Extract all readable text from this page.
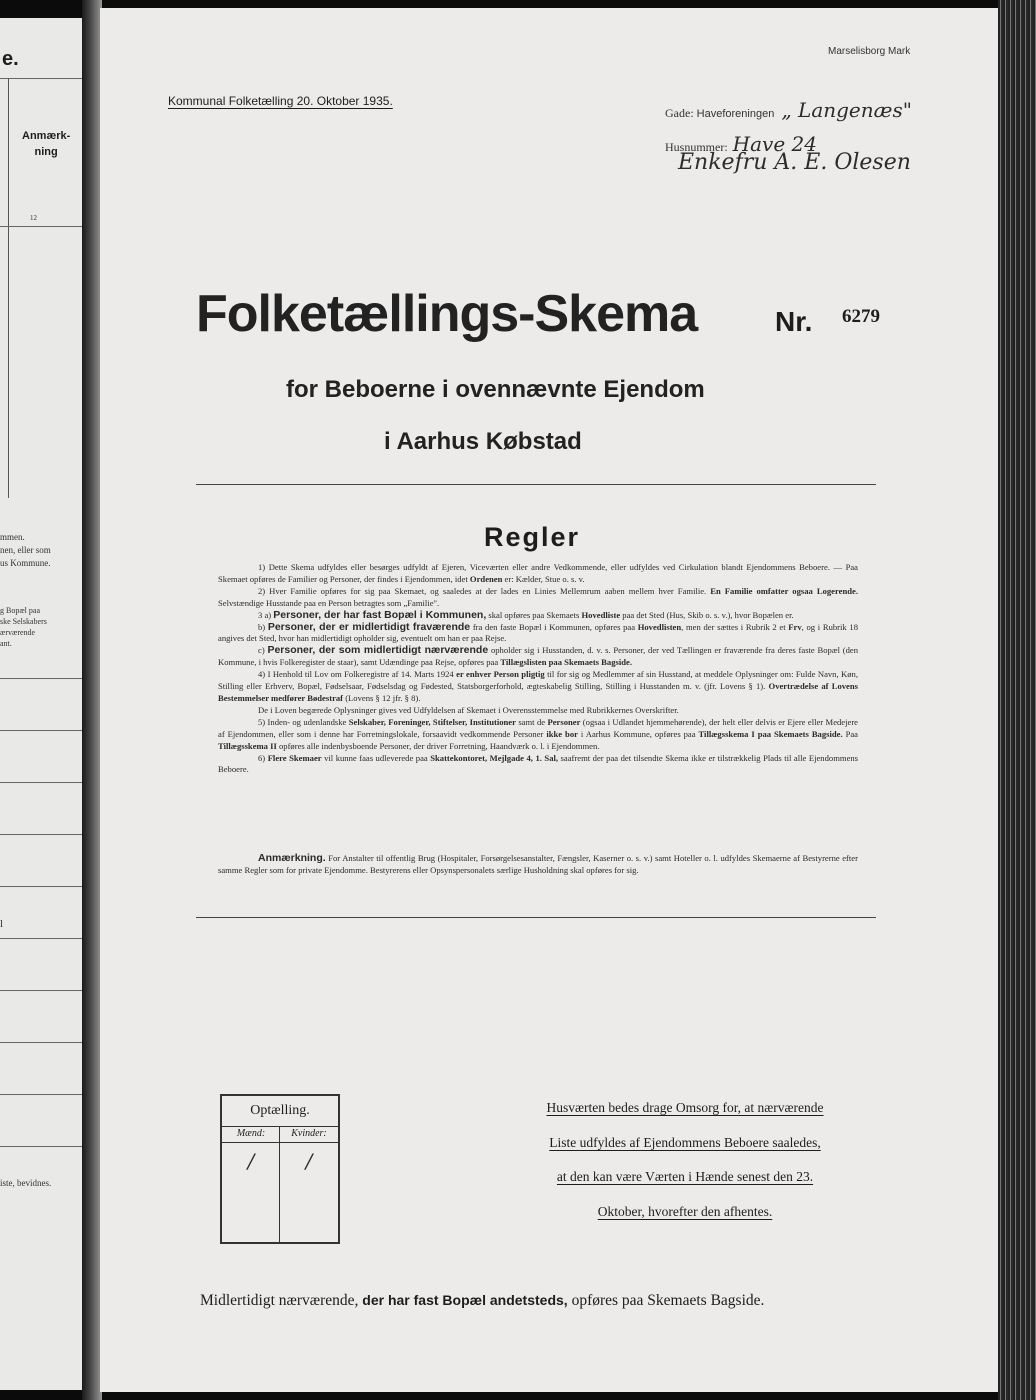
e.
Anmærk-
ning
12
mmen.
nen, eller som
us Kommune.
g Bopæl paa
ske Selskabers
ærværende
ant.
l
iste, bevidnes.
Marselisborg Mark
Kommunal Folketælling 20. Oktober 1935.
Gade: Haveforeningen „ Langenæs"
Husnummer: Have 24
Enkefru A. E. Olesen
Folketællings-Skema	Nr. 6279
for Beboerne i ovennævnte Ejendom
i Aarhus Købstad
Regler

1) Dette Skema udfyldes eller besørges udfyldt af Ejeren, Viceværten eller andre Vedkommende, eller udfyldes ved Cirkulation blandt Ejendommens Beboere. — Paa Skemaet opføres de Familier og Personer, der findes i Ejendommen, idet Ordenen er: Kælder, Stue o. s. v.

2) Hver Familie opføres for sig paa Skemaet, og saaledes at der lades en Linies Mellemrum aaben mellem hver Familie. En Familie omfatter ogsaa Logerende. Selvstændige Husstande paa en Person betragtes som „Familie".

3 a) Personer, der har fast Bopæl i Kommunen, skal opføres paa Skemaets Hovedliste paa det Sted (Hus, Skib o. s. v.), hvor Bopælen er.

b) Personer, der er midlertidigt fraværende fra den faste Bopæl i Kommunen, opføres paa Hovedlisten, men der sættes i Rubrik 2 et Frv, og i Rubrik 18 angives det Sted, hvor han midlertidigt opholder sig, eventuelt om han er paa Rejse.

c) Personer, der som midlertidigt nærværende opholder sig i Husstanden, d. v. s. Personer, der ved Tællingen er fraværende fra deres faste Bopæl (den Kommune, i hvis Folkeregister de staar), samt Udændinge paa Rejse, opføres paa Tillægslisten paa Skemaets Bagside.

4) I Henhold til Lov om Folkeregistre af 14. Marts 1924 er enhver Person pligtig til for sig og Medlemmer af sin Husstand, at meddele Oplysninger om: Fulde Navn, Køn, Stilling eller Erhverv, Bopæl, Fødselsaar, Fødselsdag og Fødested, Statsborgerforhold, ægteskabelig Stilling, Stilling i Husstanden m. v. (jfr. Lovens § 1). Overtrædelse af Lovens Bestemmelser medfører Bødestraf (Lovens § 12 jfr. § 8).

De i Loven begærede Oplysninger gives ved Udfyldelsen af Skemaet i Overensstemmelse med Rubrikkernes Overskrifter.

5) Inden- og udenlandske Selskaber, Foreninger, Stiftelser, Institutioner samt de Personer (ogsaa i Udlandet hjemmehørende), der helt eller delvis er Ejere eller Medejere af Ejendommen, eller som i denne har Forretningslokale, forsaavidt vedkommende Personer ikke bor i Aarhus Kommune, opføres paa Tillægsskema I paa Skemaets Bagside. Paa Tillægsskema II opføres alle indenbysboende Personer, der driver Forretning, Haandværk o. l. i Ejendommen.

6) Flere Skemaer vil kunne faas udleverede paa Skattekontoret, Mejlgade 4, 1. Sal, saafremt der paa det tilsendte Skema ikke er tilstrækkelig Plads til alle Ejendommens Beboere.

Anmærkning. For Anstalter til offentlig Brug (Hospitaler, Forsørgelsesanstalter, Fængsler, Kaserner o. s. v.) samt Hoteller o. l. udfyldes Skemaerne af Bestyrerne efter samme Regler som for private Ejendomme. Bestyrerens eller Opsynspersonalets særlige Husholdning skal opføres for sig.

Optælling.
Mænd:
/
Kvinder:
/
Husværten bedes drage Omsorg for, at nærværende
Liste udfyldes af Ejendommens Beboere saaledes,
at den kan være Værten i Hænde senest den 23.
Oktober, hvorefter den afhentes.
Midlertidigt nærværende, der har fast Bopæl andetsteds, opføres paa Skemaets Bagside.
